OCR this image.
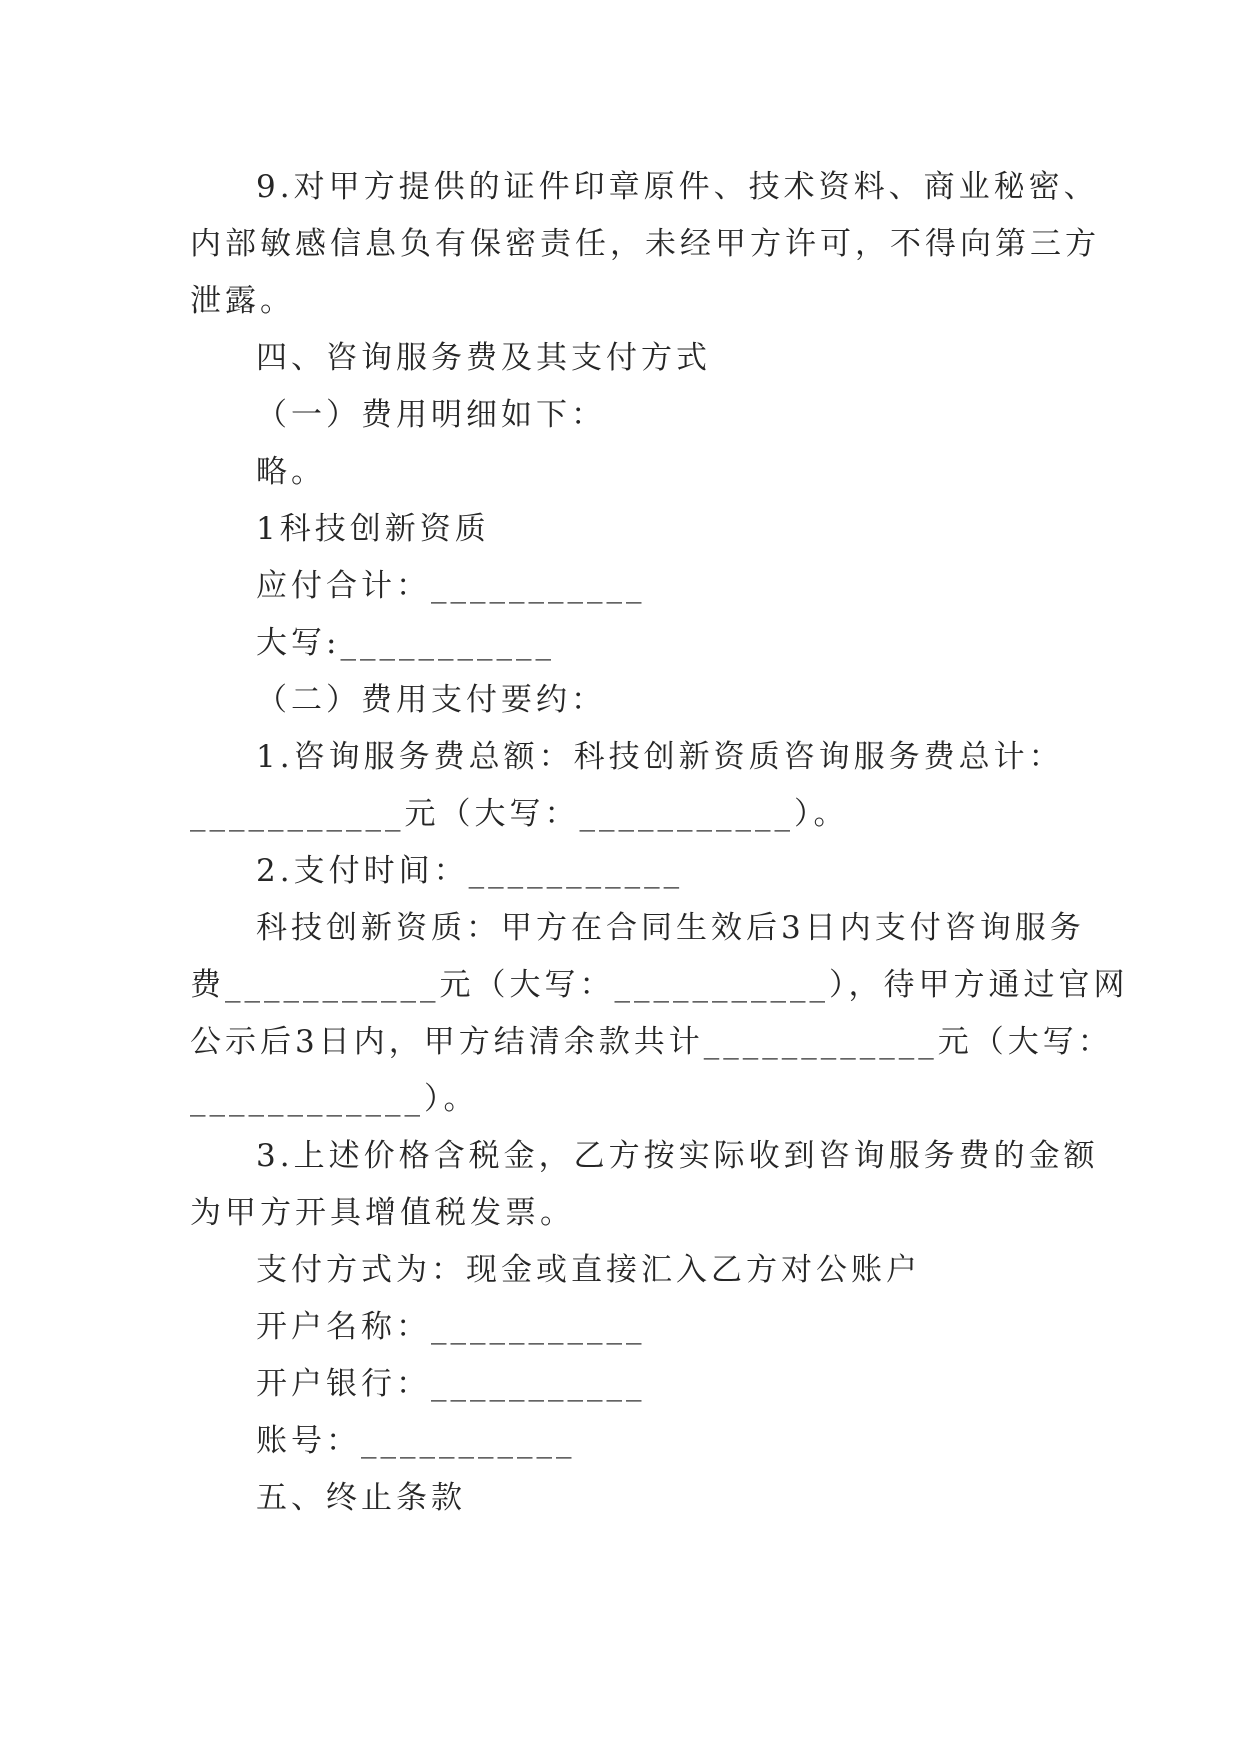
9.对甲方提供的证件印章原件、技术资料、商业秘密、
内部敏感信息负有保密责任，未经甲方许可，不得向第三方
泄露。
四、咨询服务费及其支付方式
（一）费用明细如下：
略。
1科技创新资质
应付合计：___________
大写:___________
（二）费用支付要约：
1.咨询服务费总额：科技创新资质咨询服务费总计：
___________元（大写：___________）。
2.支付时间：___________
科技创新资质：甲方在合同生效后3日内支付咨询服务
费___________元（大写：___________），待甲方通过官网
公示后3日内，甲方结清余款共计____________元（大写：
____________）。
3.上述价格含税金，乙方按实际收到咨询服务费的金额
为甲方开具增值税发票。
支付方式为：现金或直接汇入乙方对公账户
开户名称：___________
开户银行：___________
账号：___________
五、终止条款
